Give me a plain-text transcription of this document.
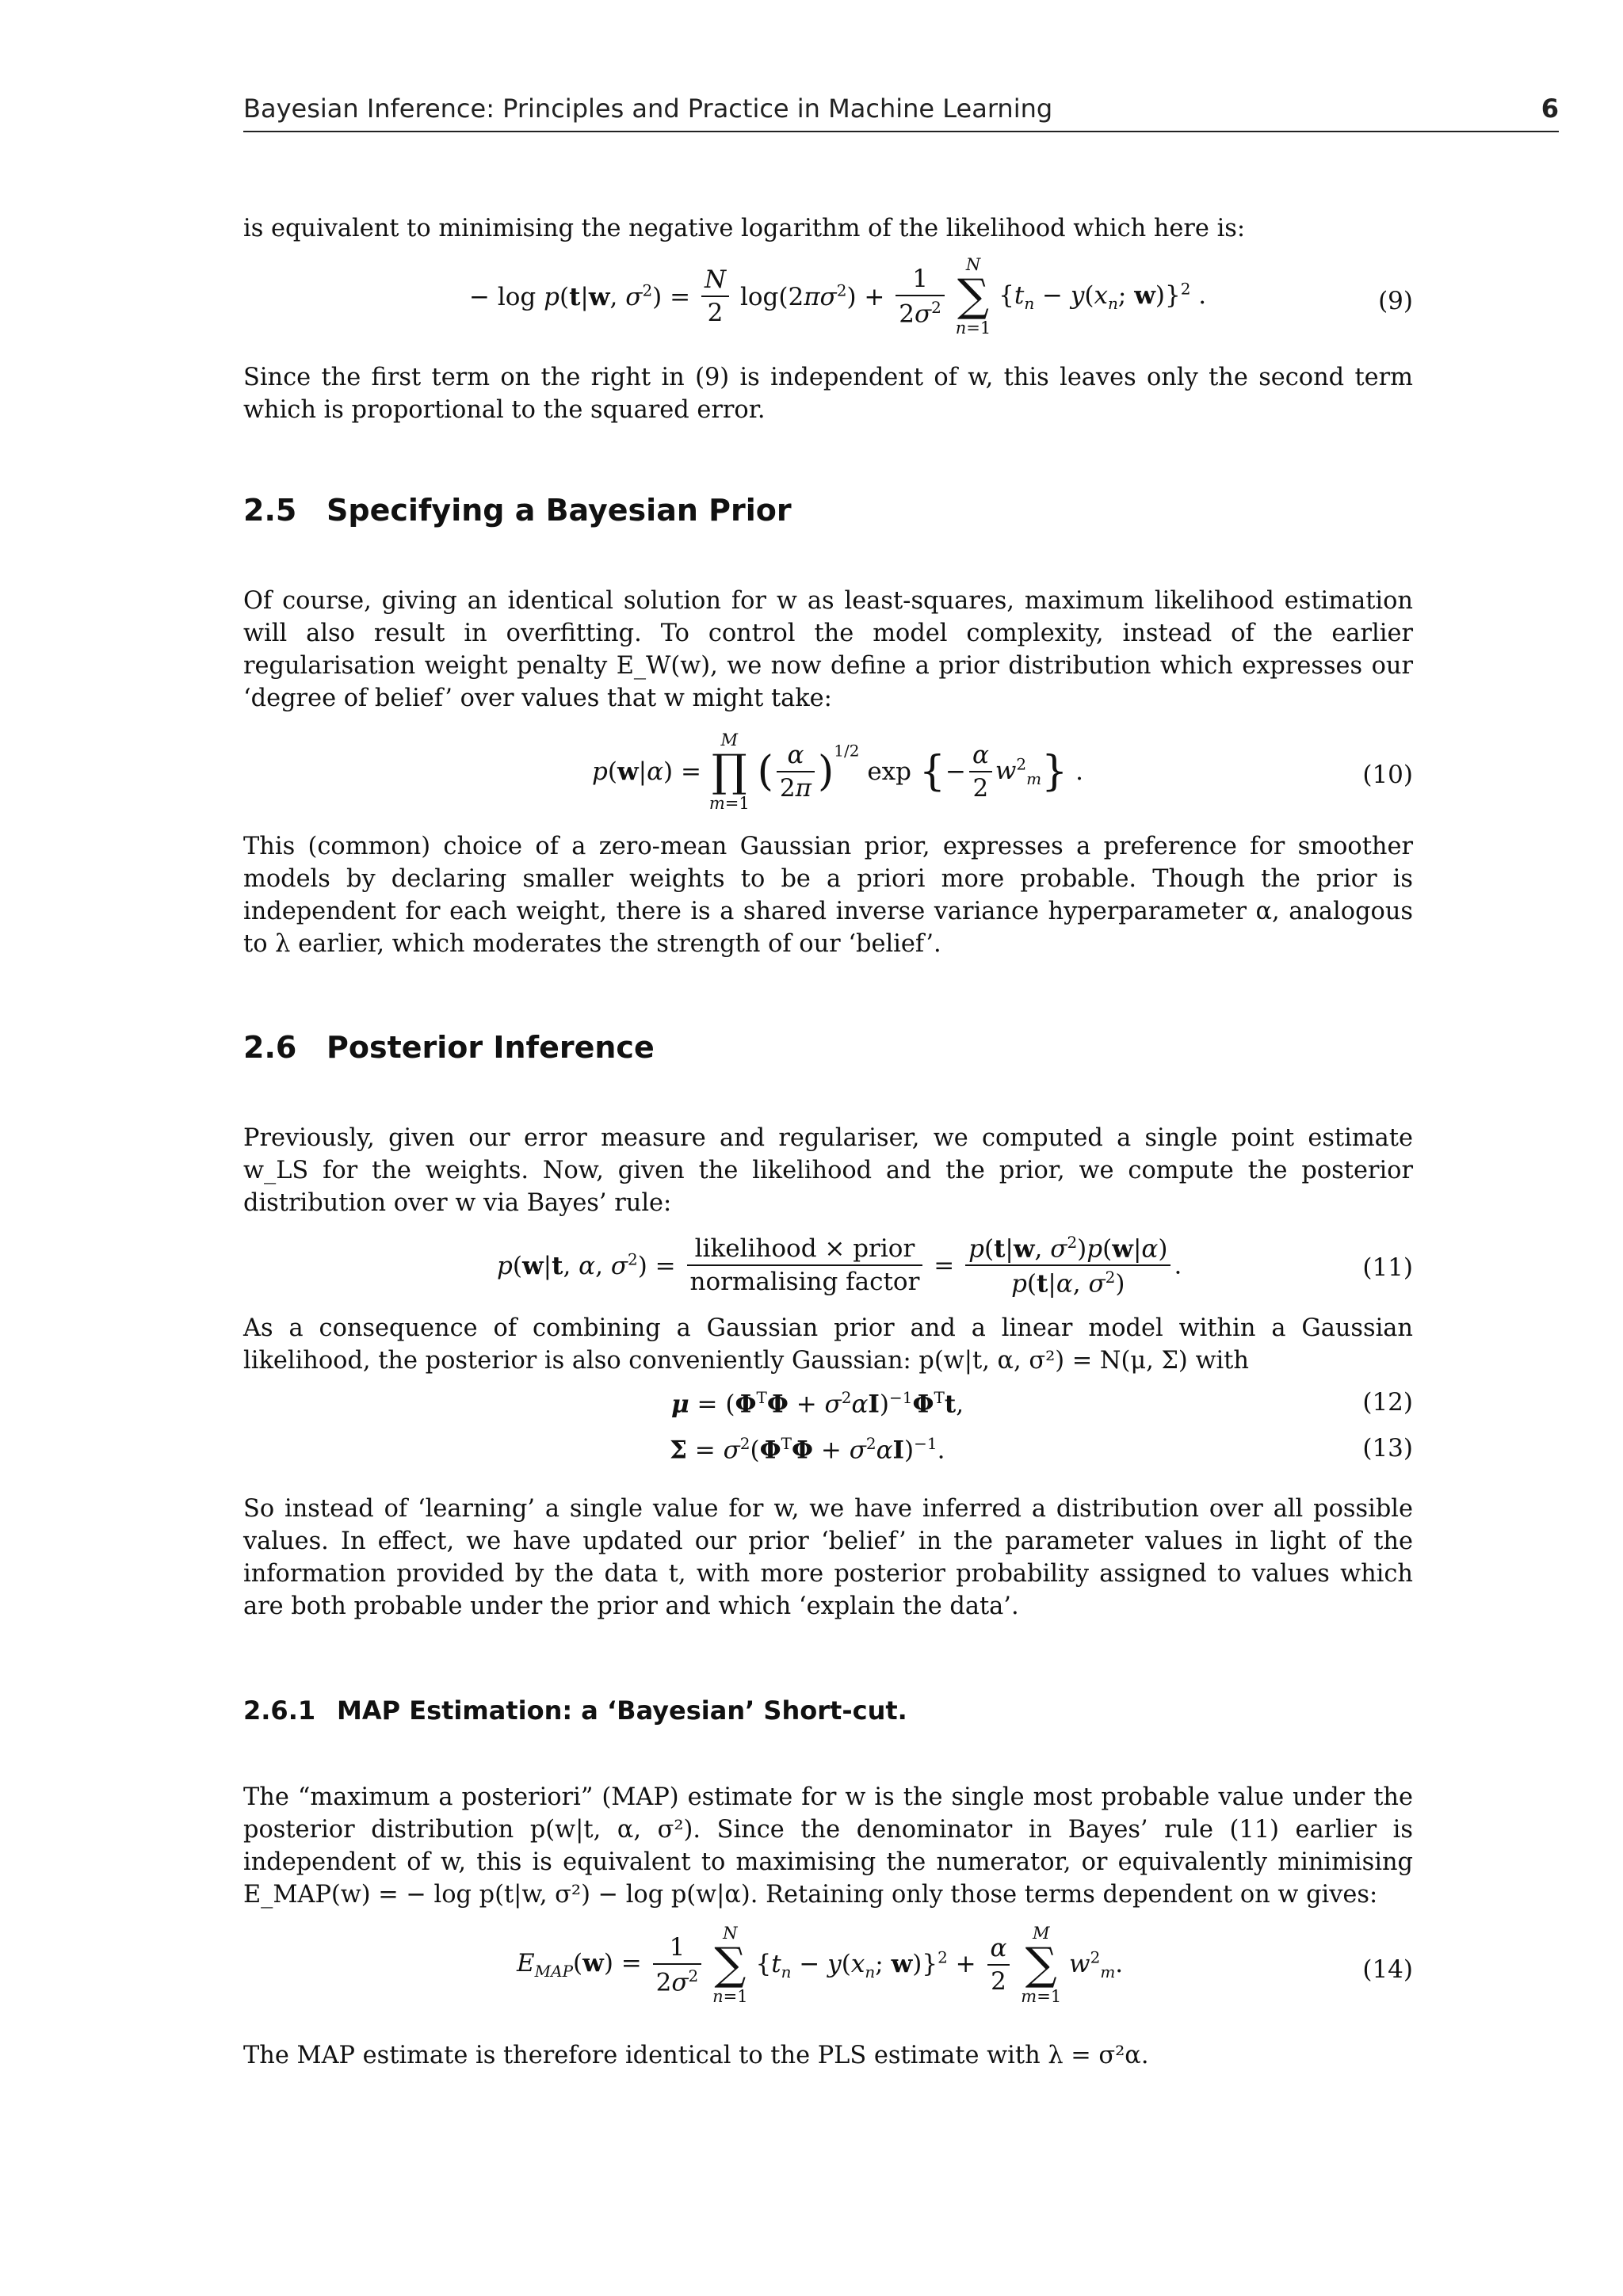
Bayesian Inference: Principles and Practice in Machine Learning	6

is equivalent to minimising the negative logarithm of the likelihood which here is:

− log p(t|w, $\sigma^2) = \frac{N}{2} \log(2\pi\sigma^2) + \frac{1}{2\sigma^2}$
	N
∑
n=1
{$t_n - y(x_n$; w)}$^2$ .	(9)

Since the first term on the right in (9) is independent of w, this leaves only the second term which is proportional to the squared error.

2.5 Specifying a Bayesian Prior

Of course, giving an identical solution for w as least-squares, maximum likelihood estimation will also result in overfitting. To control the model complexity, instead of the earlier regularisation weight penalty E_W(w), we now define a prior distribution which expresses our ‘degree of belief’ over values that w might take:

p(w|α) =
M
∏
m=1
( $\frac{\alpha}{2\pi} )^{1/2}$ exp {− $\frac{\alpha}{2} w^2_m$} .	(10)

This (common) choice of a zero-mean Gaussian prior, expresses a preference for smoother models by declaring smaller weights to be a priori more probable. Though the prior is independent for each weight, there is a shared inverse variance hyperparameter α, analogous to λ earlier, which moderates the strength of our ‘belief’.

2.6 Posterior Inference

Previously, given our error measure and regulariser, we computed a single point estimate w_LS for the weights. Now, given the likelihood and the prior, we compute the posterior distribution over w via Bayes’ rule:

p(w|t, α, $\sigma^2) = \frac{\text{likelihood × prior}}{\text{normalising factor}} = \frac{p(t|w, \sigma^2)p(w|\alpha)}{p(t|\alpha, \sigma^2)}$ .	(11)

As a consequence of combining a Gaussian prior and a linear model within a Gaussian likelihood, the posterior is also conveniently Gaussian: p(w|t, α, σ²) = N(μ, Σ) with

$\mu = (\Phi^T\Phi + \sigma^2\alpha I)^{-1}\Phi^Tt$,	(12)
$\Sigma = \sigma^2(\Phi^T\Phi + \sigma^2\alpha I)^{-1}$.	(13)

So instead of ‘learning’ a single value for w, we have inferred a distribution over all possible values. In effect, we have updated our prior ‘belief’ in the parameter values in light of the information provided by the data t, with more posterior probability assigned to values which are both probable under the prior and which ‘explain the data’.

2.6.1 MAP Estimation: a ‘Bayesian’ Short-cut.

The “maximum a posteriori” (MAP) estimate for w is the single most probable value under the posterior distribution p(w|t, α, σ²). Since the denominator in Bayes’ rule (11) earlier is independent of w, this is equivalent to maximising the numerator, or equivalently minimising E_MAP(w) = − log p(t|w, σ²) − log p(w|α). Retaining only those terms dependent on w gives:

$E_{MAP}(w) = \frac{1}{2\sigma^2}$
	N
∑
n=1
{$t_n - y(x_n$; $w)\}^2 + \frac{\alpha}{2}$

M
∑
m=1
$w^2_m$.	(14)

The MAP estimate is therefore identical to the PLS estimate with λ = σ²α.
